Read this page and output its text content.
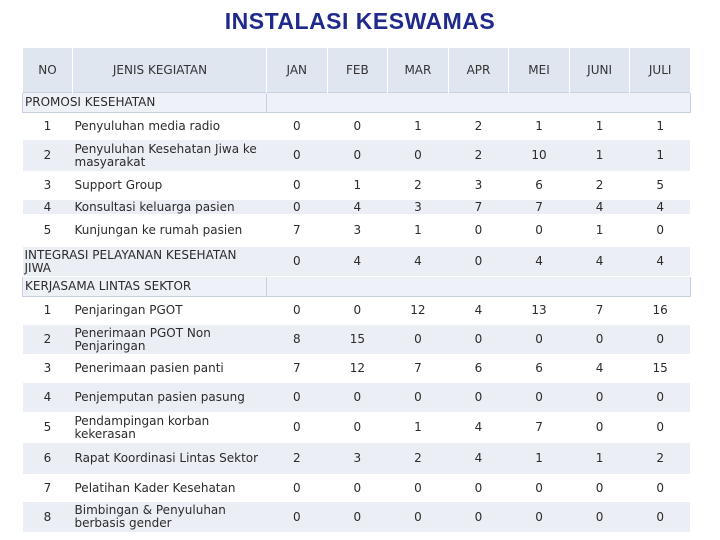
INSTALASI KESWAMAS
NO	JENIS KEGIATAN	JAN	FEB	MAR	APR	MEI	JUNI	JULI
PROMOSI KESEHATAN								
1	Penyuluhan media radio	0	0	1	2	1	1	1
2	Penyuluhan Kesehatan Jiwa ke masyarakat	0	0	0	2	10	1	1
3	Support Group	0	1	2	3	6	2	5
4	Konsultasi keluarga pasien	0	4	3	7	7	4	4
5	Kunjungan ke rumah pasien	7	3	1	0	0	1	0
INTEGRASI PELAYANAN KESEHATAN JIWA		0	4	4	0	4	4	4
KERJASAMA LINTAS SEKTOR								
1	Penjaringan PGOT	0	0	12	4	13	7	16
2	Penerimaan PGOT Non Penjaringan	8	15	0	0	0	0	0
3	Penerimaan pasien panti	7	12	7	6	6	4	15
4	Penjemputan pasien pasung	0	0	0	0	0	0	0
5	Pendampingan korban kekerasan	0	0	1	4	7	0	0
6	Rapat Koordinasi Lintas Sektor	2	3	2	4	1	1	2
7	Pelatihan Kader Kesehatan	0	0	0	0	0	0	0
8	Bimbingan & Penyuluhan berbasis gender	0	0	0	0	0	0	0
